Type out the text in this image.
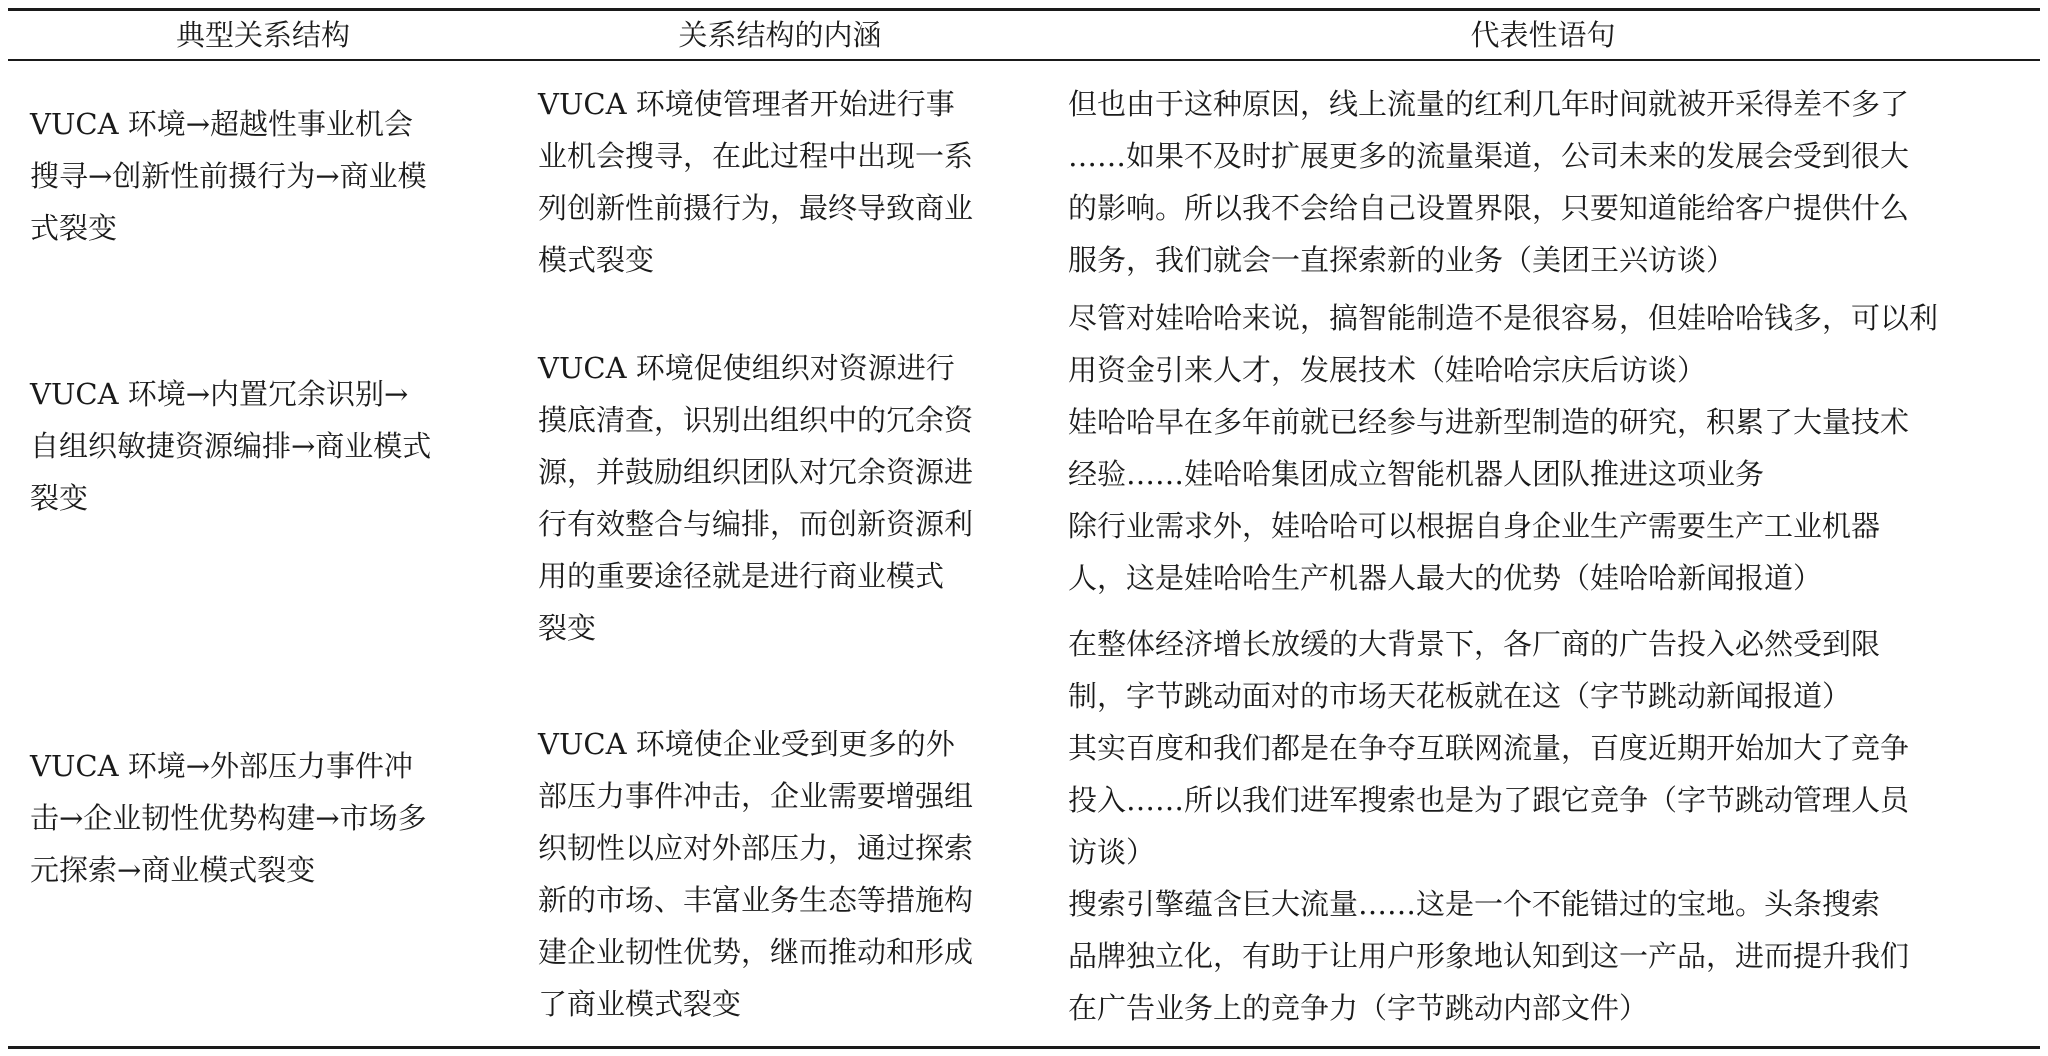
典型关系结构	关系结构的内涵	代表性语句
VUCA 环境→超越性事业机会
搜寻→创新性前摄行为→商业模
式裂变
VUCA 环境使管理者开始进行事
业机会搜寻，在此过程中出现一系
列创新性前摄行为，最终导致商业
模式裂变
但也由于这种原因，线上流量的红利几年时间就被开采得差不多了
……如果不及时扩展更多的流量渠道，公司未来的发展会受到很大
的影响。所以我不会给自己设置界限，只要知道能给客户提供什么
服务，我们就会一直探索新的业务（美团王兴访谈）
VUCA 环境→内置冗余识别→
自组织敏捷资源编排→商业模式
裂变
VUCA 环境促使组织对资源进行
摸底清查，识别出组织中的冗余资
源，并鼓励组织团队对冗余资源进
行有效整合与编排，而创新资源利
用的重要途径就是进行商业模式
裂变
尽管对娃哈哈来说，搞智能制造不是很容易，但娃哈哈钱多，可以利
用资金引来人才，发展技术（娃哈哈宗庆后访谈）
娃哈哈早在多年前就已经参与进新型制造的研究，积累了大量技术
经验……娃哈哈集团成立智能机器人团队推进这项业务
除行业需求外，娃哈哈可以根据自身企业生产需要生产工业机器
人，这是娃哈哈生产机器人最大的优势（娃哈哈新闻报道）
VUCA 环境→外部压力事件冲
击→企业韧性优势构建→市场多
元探索→商业模式裂变
VUCA 环境使企业受到更多的外
部压力事件冲击，企业需要增强组
织韧性以应对外部压力，通过探索
新的市场、丰富业务生态等措施构
建企业韧性优势，继而推动和形成
了商业模式裂变
在整体经济增长放缓的大背景下，各厂商的广告投入必然受到限
制，字节跳动面对的市场天花板就在这（字节跳动新闻报道）
其实百度和我们都是在争夺互联网流量，百度近期开始加大了竞争
投入……所以我们进军搜索也是为了跟它竞争（字节跳动管理人员
访谈）
搜索引擎蕴含巨大流量……这是一个不能错过的宝地。头条搜索
品牌独立化，有助于让用户形象地认知到这一产品，进而提升我们
在广告业务上的竞争力（字节跳动内部文件）
